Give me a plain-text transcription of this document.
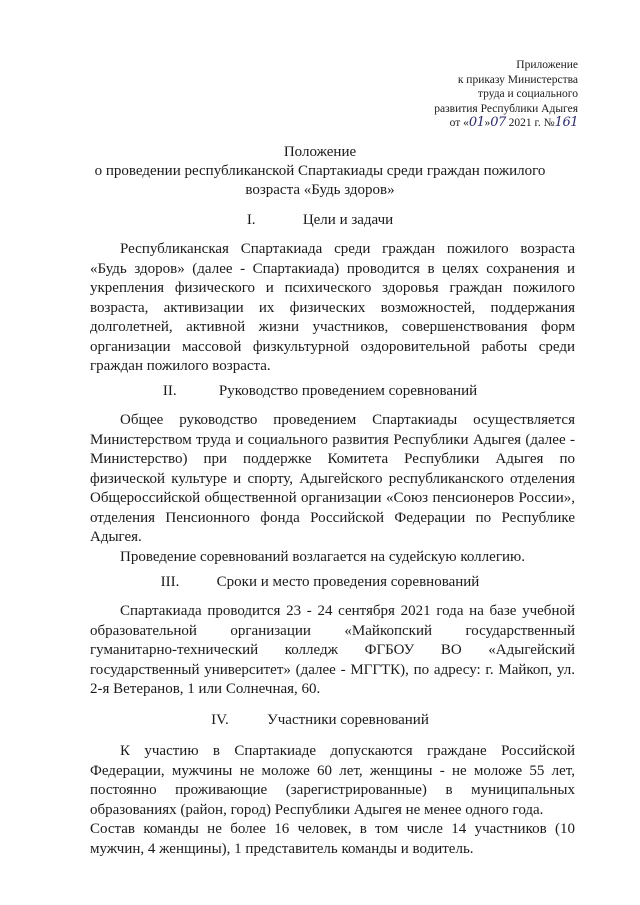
Приложение
к приказу Министерства
труда и социального
развития Республики Адыгея
от «01»07 2021 г. №161
Положение
о проведении республиканской Спартакиады среди граждан пожилого
возраста «Будь здоров»
I.	Цели и задачи

Республиканская Спартакиада среди граждан пожилого возраста «Будь здоров» (далее - Спартакиада) проводится в целях сохранения и укрепления физического и психического здоровья граждан пожилого возраста, активизации их физических возможностей, поддержания долголетней, активной жизни участников, совершенствования форм организации массовой физкультурной оздоровительной работы среди граждан пожилого возраста.

II.	Руководство проведением соревнований

Общее руководство проведением Спартакиады осуществляется Министерством труда и социального развития Республики Адыгея (далее - Министерство) при поддержке Комитета Республики Адыгея по физической культуре и спорту, Адыгейского республиканского отделения Общероссийской общественной организации «Союз пенсионеров России», отделения Пенсионного фонда Российской Федерации по Республике Адыгея.

Проведение соревнований возлагается на судейскую коллегию.

III. Сроки и место проведения соревнований

Спартакиада проводится 23 - 24 сентября 2021 года на базе учебной образовательной организации «Майкопский государственный гуманитарно-технический колледж ФГБОУ ВО «Адыгейский государственный университет» (далее - МГГТК), по адресу: г. Майкоп, ул. 2-я Ветеранов, 1 или Солнечная, 60.

IV.	Участники соревнований

К участию в Спартакиаде допускаются граждане Российской Федерации, мужчины не моложе 60 лет, женщины - не моложе 55 лет, постоянно проживающие (зарегистрированные) в муниципальных образованиях (район, город) Республики Адыгея не менее одного года.

Состав команды не более 16 человек, в том числе 14 участников (10 мужчин, 4 женщины), 1 представитель команды и водитель.
